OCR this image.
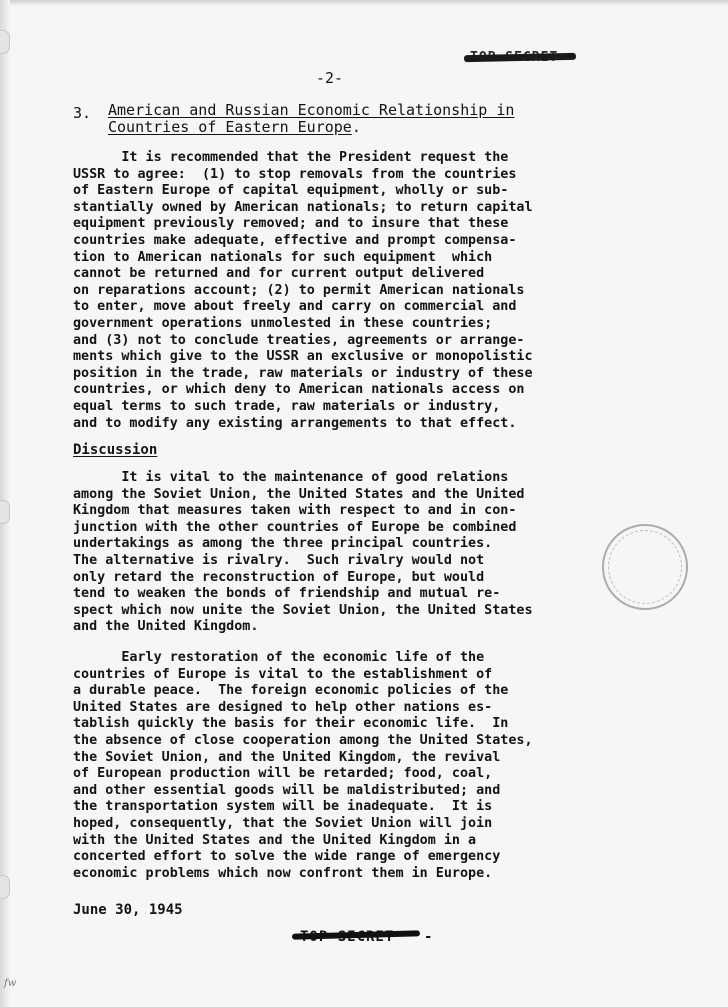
-2-
3. American and Russian Economic Relationship in
Countries of Eastern Europe.
It is recommended that the President request the
USSR to agree:  (1) to stop removals from the countries
of Eastern Europe of capital equipment, wholly or sub-
stantially owned by American nationals; to return capital
equipment previously removed; and to insure that these
countries make adequate, effective and prompt compensa-
tion to American nationals for such equipment  which
cannot be returned and for current output delivered
on reparations account; (2) to permit American nationals
to enter, move about freely and carry on commercial and
government operations unmolested in these countries;
and (3) not to conclude treaties, agreements or arrange-
ments which give to the USSR an exclusive or monopolistic
position in the trade, raw materials or industry of these
countries, or which deny to American nationals access on
equal terms to such trade, raw materials or industry,
and to modify any existing arrangements to that effect.
Discussion
It is vital to the maintenance of good relations
among the Soviet Union, the United States and the United
Kingdom that measures taken with respect to and in con-
junction with the other countries of Europe be combined
undertakings as among the three principal countries.
The alternative is rivalry.  Such rivalry would not
only retard the reconstruction of Europe, but would
tend to weaken the bonds of friendship and mutual re-
spect which now unite the Soviet Union, the United States
and the United Kingdom.
Early restoration of the economic life of the
countries of Europe is vital to the establishment of
a durable peace.  The foreign economic policies of the
United States are designed to help other nations es-
tablish quickly the basis for their economic life.  In
the absence of close cooperation among the United States,
the Soviet Union, and the United Kingdom, the revival
of European production will be retarded; food, coal,
and other essential goods will be maldistributed; and
the transportation system will be inadequate.  It is
hoped, consequently, that the Soviet Union will join
with the United States and the United Kingdom in a
concerted effort to solve the wide range of emergency
economic problems which now confront them in Europe.
June 30, 1945
-
fw
